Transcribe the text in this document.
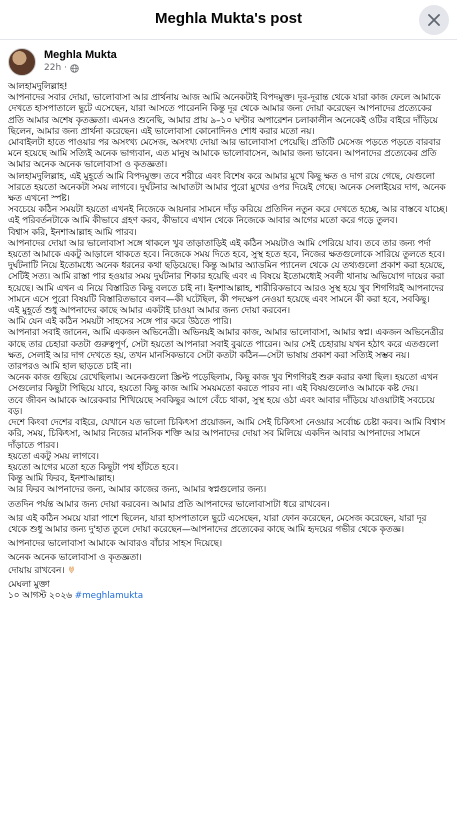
Meghla Mukta's post
Meghla Mukta
22h ·

আলহামদুলিল্লাহ!

আপনাদের সবার দোয়া, ভালোবাসা আর প্রার্থনায় আজ আমি অনেকটাই বিপদমুক্ত। দূর-দূরান্ত থেকে যারা কাজ ফেলে আমাকে দেখতে হাসপাতালে ছুটে এসেছেন, যারা আসতে পারেননি কিন্তু দূর থেকে আমার জন্য দোয়া করেছেন আপনাদের প্রত্যেকের প্রতি আমার অশেষ কৃতজ্ঞতা। এমনও শুনেছি, আমার প্রায় ৯–১০ ঘণ্টার অপারেশন চলাকালীন অনেকেই ওটির বাইরে দাঁড়িয়ে ছিলেন, আমার জন্য প্রার্থনা করেছেন। এই ভালোবাসা কোনোদিনও শোধ করার মতো নয়।

মোবাইলটা হাতে পাওয়ার পর অসংখ্য মেসেজ, অসংখ্য দোয়া আর ভালোবাসা পেয়েছি। প্রতিটি মেসেজ পড়তে পড়তে বারবার মনে হয়েছে আমি সত্যিই অনেক ভাগ্যবান, এত মানুষ আমাকে ভালোবাসেন, আমার জন্য ভাবেন। আপনাদের প্রত্যেকের প্রতি আমার অনেক অনেক ভালোবাসা ও কৃতজ্ঞতা।

আলহামদুলিল্লাহ, এই মুহূর্তে আমি বিপদমুক্ত। তবে শরীরে এবং বিশেষ করে আমার মুখে কিছু ক্ষত ও দাগ রয়ে গেছে, যেগুলো সারতে হয়তো অনেকটা সময় লাগবে। দুর্ঘটনার আঘাতটা আমার পুরো মুখের ওপর দিয়েই গেছে। অনেক সেলাইয়ের দাগ, অনেক ক্ষত এখনো স্পষ্ট।

সবচেয়ে কঠিন সময়টা হয়তো এখনই নিজেকে আয়নার সামনে দাঁড় করিয়ে প্রতিদিন নতুন করে দেখতে হচ্ছে, আর বাস্তবে যাচ্ছে। এই পরিবর্তনটাকে আমি কীভাবে গ্রহণ করব, কীভাবে এখান থেকে নিজেকে আবার আগের মতো করে গড়ে তুলব।

বিশ্বাস করি, ইনশাআল্লাহ আমি পারব।

আপনাদের দোয়া আর ভালোবাসা সঙ্গে থাকলে খুব তাড়াতাড়িই এই কঠিন সময়টাও আমি পেরিয়ে যাব। তবে তার জন্য পর্দা হয়তো আমাকে একটু আড়ালে থাকতে হবে। নিজেকে সময় দিতে হবে, সুস্থ হতে হবে, নিজের ক্ষতগুলোকে সারিয়ে তুলতে হবে।

দুর্ঘটনাটি নিয়ে ইতোমধ্যে অনেক ধরনের কথা ছড়িয়েছে। কিন্তু আমার অ্যাডমিন প্যানেল থেকে যে তথ্যগুলো প্রকাশ করা হয়েছে, সেটিই সত্য। আমি রাস্তা পার হওয়ার সময় দুর্ঘটনার শিকার হয়েছি এবং এ বিষয়ে ইতোমধ্যেই সবলী থানায় অভিযোগ দায়ের করা হয়েছে। আমি এখন এ নিয়ে বিস্তারিত কিছু বলতে চাই না। ইনশাআল্লাহ, শারীরিকভাবে আরও সুস্থ হয়ে খুব শিগগিরই আপনাদের সামনে এসে পুরো বিষয়টি বিস্তারিতভাবে বলব—কী ঘটেছিল, কী পদক্ষেপ নেওয়া হয়েছে এবং সামনে কী করা হবে, সবকিছু।

এই মুহূর্তে শুধু আপনাদের কাছে আমার একটাই চাওয়া আমার জন্য দোয়া করবেন।

আমি যেন এই কঠিন সময়টা সাহসের সঙ্গে পার করে উঠতে পারি।

আপনারা সবাই জানেন, আমি একজন অভিনেত্রী। অভিনয়ই আমার কাজ, আমার ভালোবাসা, আমার স্বপ্ন। একজন অভিনেত্রীর কাছে তার চেহারা কতটা গুরুত্বপূর্ণ, সেটা হয়তো আপনারা সবাই বুঝতে পারেন। আর সেই চেহারায় যখন হঠাৎ করে এতগুলো ক্ষত, সেলাই আর দাগ দেখতে হয়, তখন মানসিকভাবে সেটা কতটা কঠিন—সেটা ভাষায় প্রকাশ করা সত্যিই সম্ভব নয়।

তারপরও আমি হাল ছাড়তে চাই না।

অনেক কাজ গুছিয়ে রেখেছিলাম। অনেকগুলো স্ক্রিপ্ট পড়েছিলাম, কিছু কাজ খুব শিগগিরই শুরু করার কথা ছিল। হয়তো এখন সেগুলোর কিছুটা পিছিয়ে যাবে, হয়তো কিছু কাজ আমি সময়মতো করতে পারব না। এই বিষয়গুলোও আমাকে কষ্ট দেয়।

তবে জীবন আমাকে আরেকবার শিখিয়েছে সবকিছুর আগে বেঁচে থাকা, সুস্থ হয়ে ওঠা এবং আবার দাঁড়িয়ে যাওয়াটাই সবচেয়ে বড়।

দেশে কিংবা দেশের বাইরে, যেখানে যত ভালো চিকিৎসা প্রয়োজন, আমি সেই চিকিৎসা নেওয়ার সর্বোচ্চ চেষ্টা করব। আমি বিশ্বাস করি, সময়, চিকিৎসা, আমার নিজের মানসিক শক্তি আর আপনাদের দোয়া সব মিলিয়ে একদিন আবার আপনাদের সামনে দাঁড়াতে পারব।

হয়তো একটু সময় লাগবে।

হয়তো আগের মতো হতে কিছুটা পথ হাঁটতে হবে।

কিন্তু আমি ফিরব, ইনশাআল্লাহ।

আর ফিরব আপনাদের জন্য, আমার কাজের জন্য, আমার স্বপ্নগুলোর জন্য।

ততদিন পর্যন্ত আমার জন্য দোয়া করবেন। আমার প্রতি আপনাদের ভালোবাসাটা ধরে রাখবেন।

আর এই কঠিন সময়ে যারা পাশে ছিলেন, যারা হাসপাতালে ছুটে এসেছেন, যারা ফোন করেছেন, মেসেজ করেছেন, যারা দূর থেকে শুধু আমার জন্য দু'হাত তুলে দোয়া করেছেন—আপনাদের প্রত্যেকের কাছে আমি হৃদয়ের গভীর থেকে কৃতজ্ঞ।

আপনাদের ভালোবাসা আমাকে আবারও বাঁচার সাহস দিয়েছে।

অনেক অনেক ভালোবাসা ও কৃতজ্ঞতা।

দোয়ায় রাখবেন।

মেঘলা মুক্তা

১০ আগস্ট ২০২৬ #meghlamukta
